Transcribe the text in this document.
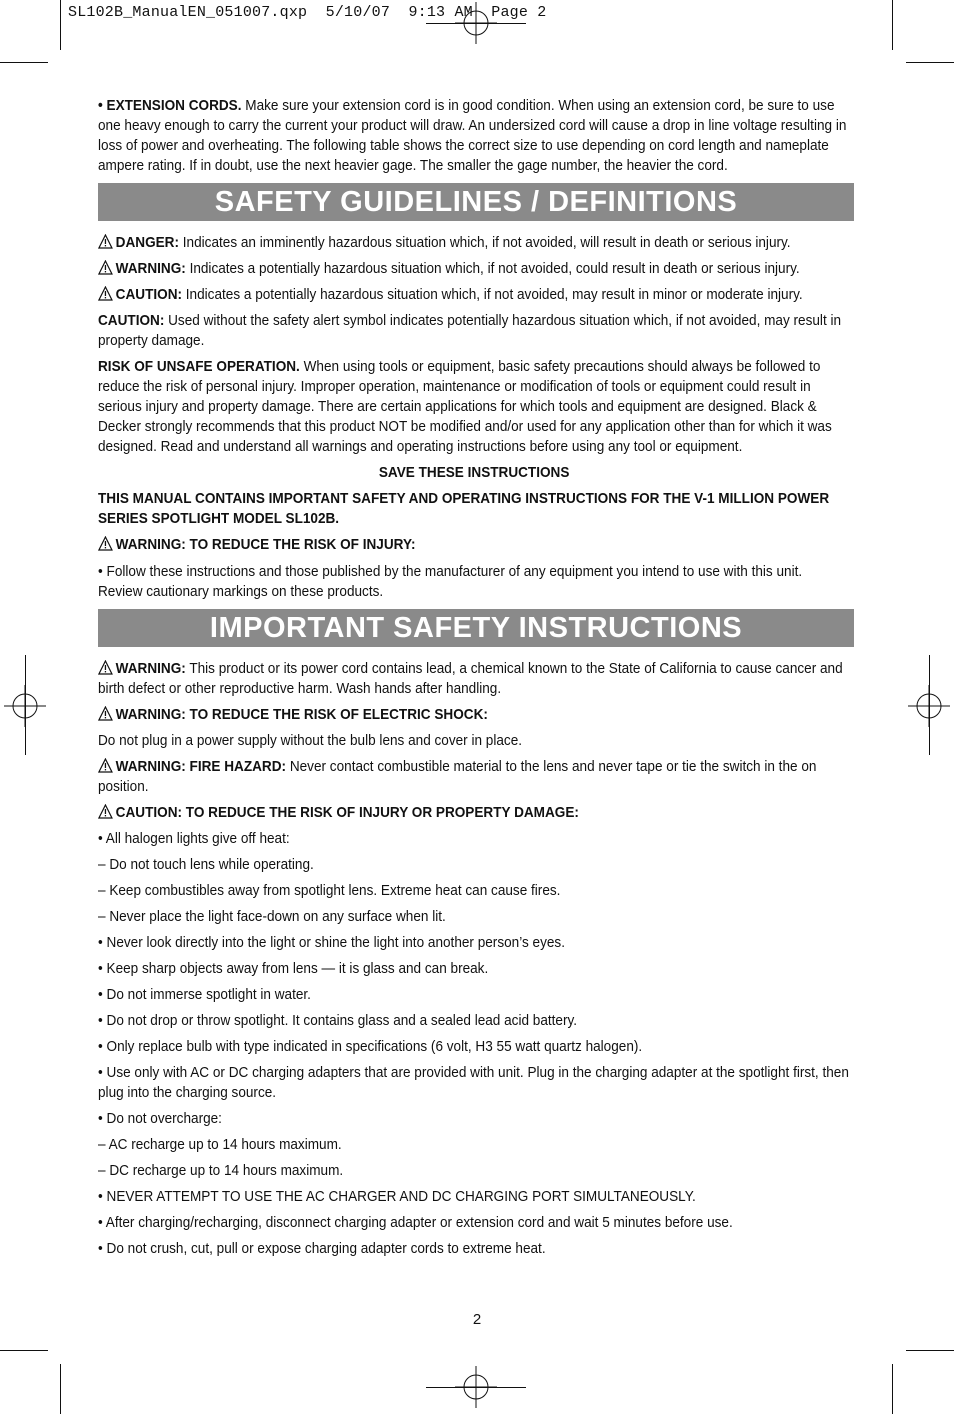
SL102B_ManualEN_051007.qxp  5/10/07  9:13 AM  Page 2

• EXTENSION CORDS. Make sure your extension cord is in good condition. When using an extension cord, be sure to use one heavy enough to carry the current your product will draw. An undersized cord will cause a drop in line voltage resulting in loss of power and overheating. The following table shows the correct size to use depending on cord length and nameplate ampere rating. If in doubt, use the next heavier gage. The smaller the gage number, the heavier the cord.

SAFETY GUIDELINES / DEFINITIONS

DANGER: Indicates an imminently hazardous situation which, if not avoided, will result in death or serious injury.

WARNING: Indicates a potentially hazardous situation which, if not avoided, could result in death or serious injury.

CAUTION: Indicates a potentially hazardous situation which, if not avoided, may result in minor or moderate injury.

CAUTION: Used without the safety alert symbol indicates potentially hazardous situation which, if not avoided, may result in property damage.

RISK OF UNSAFE OPERATION. When using tools or equipment, basic safety precautions should always be followed to reduce the risk of personal injury. Improper operation, maintenance or modification of tools or equipment could result in serious injury and property damage. There are certain applications for which tools and equipment are designed. Black & Decker strongly recommends that this product NOT be modified and/or used for any application other than for which it was designed. Read and understand all warnings and operating instructions before using any tool or equipment.

SAVE THESE INSTRUCTIONS

THIS MANUAL CONTAINS IMPORTANT SAFETY AND OPERATING INSTRUCTIONS FOR THE V-1 MILLION POWER SERIES SPOTLIGHT MODEL SL102B.

WARNING: TO REDUCE THE RISK OF INJURY:

• Follow these instructions and those published by the manufacturer of any equipment you intend to use with this unit. Review cautionary markings on these products.

IMPORTANT SAFETY INSTRUCTIONS

WARNING: This product or its power cord contains lead, a chemical known to the State of California to cause cancer and birth defect or other reproductive harm. Wash hands after handling.

WARNING: TO REDUCE THE RISK OF ELECTRIC SHOCK:

Do not plug in a power supply without the bulb lens and cover in place.

WARNING: FIRE HAZARD: Never contact combustible material to the lens and never tape or tie the switch in the on position.

CAUTION: TO REDUCE THE RISK OF INJURY OR PROPERTY DAMAGE:

• All halogen lights give off heat:

– Do not touch lens while operating.

– Keep combustibles away from spotlight lens. Extreme heat can cause fires.

– Never place the light face-down on any surface when lit.

• Never look directly into the light or shine the light into another person’s eyes.

• Keep sharp objects away from lens — it is glass and can break.

• Do not immerse spotlight in water.

• Do not drop or throw spotlight. It contains glass and a sealed lead acid battery.

• Only replace bulb with type indicated in specifications (6 volt, H3 55 watt quartz halogen).

• Use only with AC or DC charging adapters that are provided with unit. Plug in the charging adapter at the spotlight first, then plug into the charging source.

• Do not overcharge:

– AC recharge up to 14 hours maximum.

– DC recharge up to 14 hours maximum.

• NEVER ATTEMPT TO USE THE AC CHARGER AND DC CHARGING PORT SIMULTANEOUSLY.

• After charging/recharging, disconnect charging adapter or extension cord and wait 5 minutes before use.

• Do not crush, cut, pull or expose charging adapter cords to extreme heat.

2
